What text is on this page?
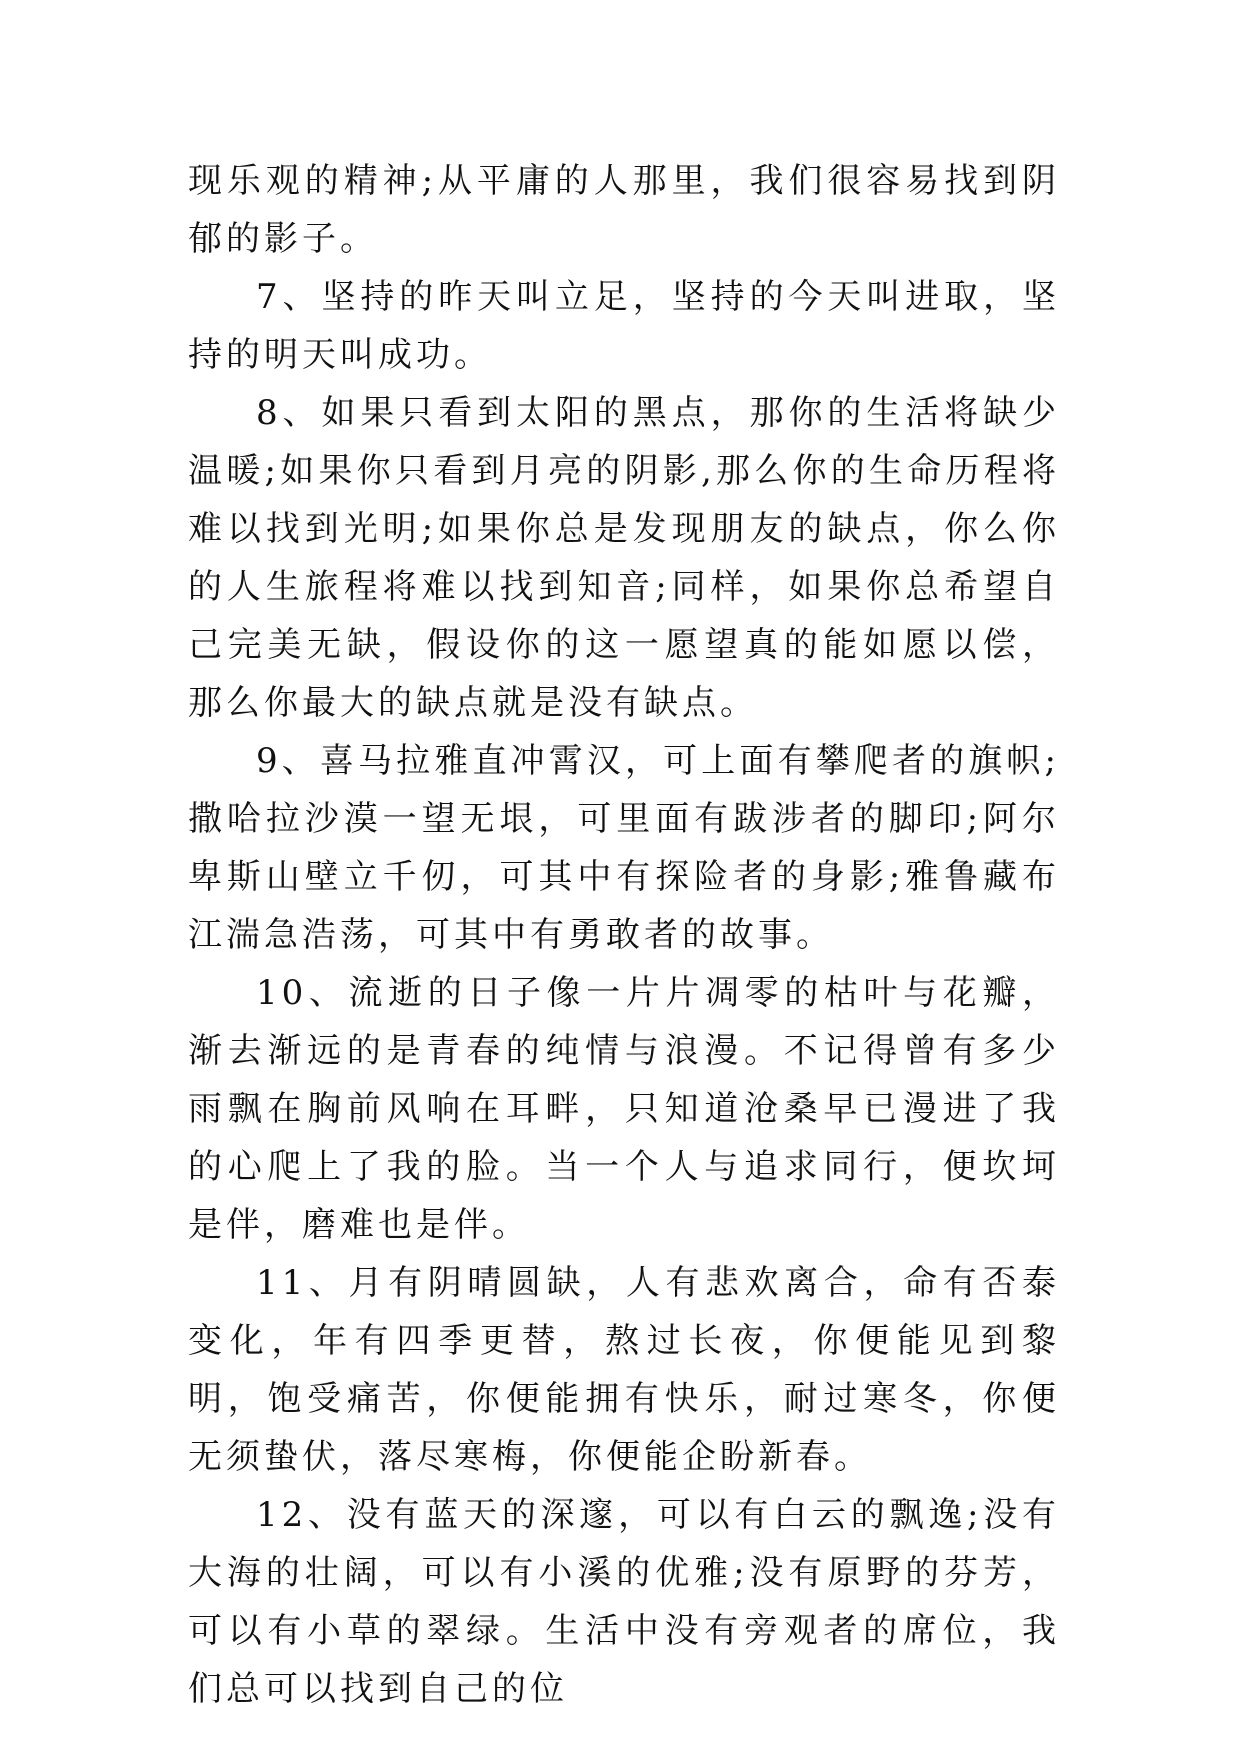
现乐观的精神;从平庸的人那里，我们很容易找到阴郁的影子。

7、坚持的昨天叫立足，坚持的今天叫进取，坚持的明天叫成功。

8、如果只看到太阳的黑点，那你的生活将缺少温暖;如果你只看到月亮的阴影,那么你的生命历程将难以找到光明;如果你总是发现朋友的缺点，你么你的人生旅程将难以找到知音;同样，如果你总希望自己完美无缺，假设你的这一愿望真的能如愿以偿，那么你最大的缺点就是没有缺点。

9、喜马拉雅直冲霄汉，可上面有攀爬者的旗帜;撒哈拉沙漠一望无垠，可里面有跋涉者的脚印;阿尔卑斯山壁立千仞，可其中有探险者的身影;雅鲁藏布江湍急浩荡，可其中有勇敢者的故事。

10、流逝的日子像一片片凋零的枯叶与花瓣，渐去渐远的是青春的纯情与浪漫。不记得曾有多少雨飘在胸前风响在耳畔，只知道沧桑早已漫进了我的心爬上了我的脸。当一个人与追求同行，便坎坷是伴，磨难也是伴。

11、月有阴晴圆缺，人有悲欢离合，命有否泰变化，年有四季更替，熬过长夜，你便能见到黎明，饱受痛苦，你便能拥有快乐，耐过寒冬，你便无须蛰伏，落尽寒梅，你便能企盼新春。

12、没有蓝天的深邃，可以有白云的飘逸;没有大海的壮阔，可以有小溪的优雅;没有原野的芬芳，可以有小草的翠绿。生活中没有旁观者的席位，我们总可以找到自己的位
